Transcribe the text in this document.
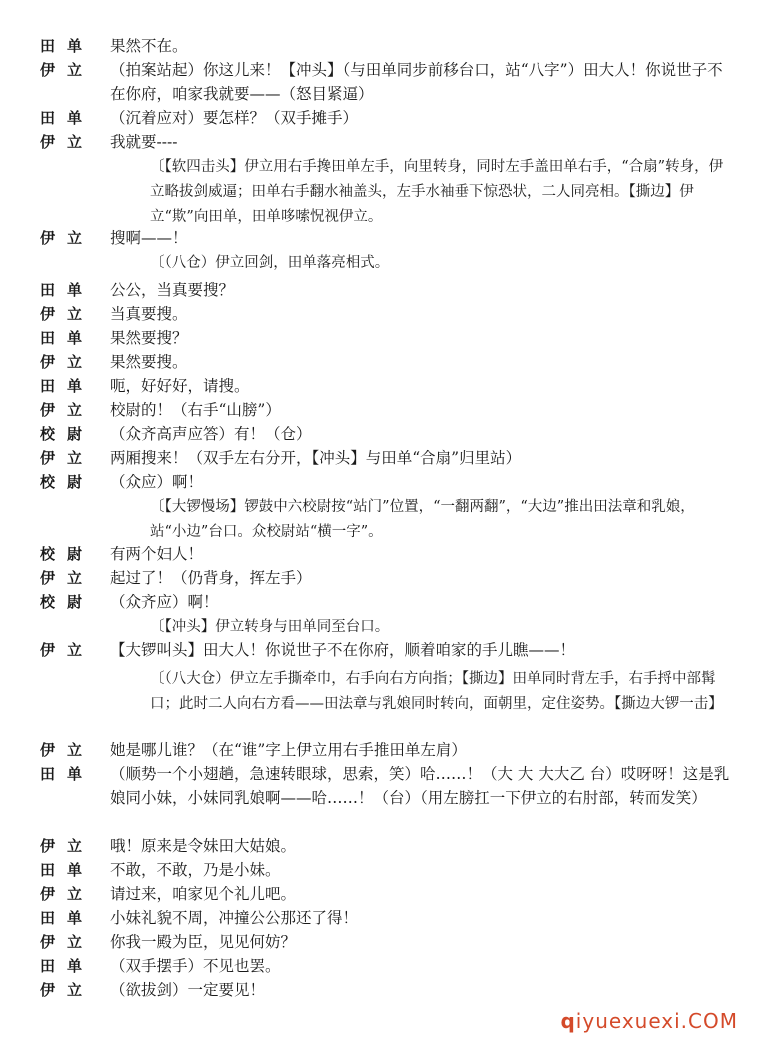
田单 果然不在。
伊立 （拍案站起）你这儿来！【冲头】（与田单同步前移台口，站“八字”）田大人！你说世子不在你府，咱家我就要——（怒目紧逼）
田单 （沉着应对）要怎样？（双手摊手）
伊立 我就要----
〔【软四击头】伊立用右手搀田单左手，向里转身，同时左手盖田单右手，“合扇”转身，伊立略拔剑威逼；田单右手翻水袖盖头，左手水袖垂下惊恐状，二人同亮相。【撕边】伊立“欺”向田单，田单哆嗦怳视伊立。
伊立 搜啊——！
〔（八仓）伊立回剑，田单落亮相式。
田单 公公，当真要搜？
伊立 当真要搜。
田单 果然要搜？
伊立 果然要搜。
田单 呃，好好好，请搜。
伊立 校尉的！（右手“山膀”）
校尉 （众齐高声应答）有！（仓）
伊立 两厢搜来！（双手左右分开，【冲头】与田单“合扇”归里站）
校尉 （众应）啊！
〔【大锣慢场】锣鼓中六校尉按“站门”位置，“一翻两翻”，“大边”推出田法章和乳娘，站“小边”台口。众校尉站“横一字”。
校尉 有两个妇人！
伊立 起过了！（仍背身，挥左手）
校尉 （众齐应）啊！
〔【冲头】伊立转身与田单同至台口。
伊立 【大锣叫头】田大人！你说世子不在你府，顺着咱家的手儿瞧——！
〔（八大仓）伊立左手撕牵巾，右手向右方向指；【撕边】田单同时背左手，右手捋中部髯口；此时二人向右方看——田法章与乳娘同时转向，面朝里，定住姿势。【撕边大锣一击】
伊立 她是哪儿谁？（在“谁”字上伊立用右手推田单左肩）
田单 （顺势一个小翅趟，急速转眼球，思索，笑）哈……！（大 大 大大乙 台）哎呀呀！这是乳娘同小妹，小妹同乳娘啊——哈……！（台）（用左膀扛一下伊立的右肘部，转而发笑）
伊立 哦！原来是令妹田大姑娘。
田单 不敢，不敢，乃是小妹。
伊立 请过来，咱家见个礼儿吧。
田单 小妹礼貌不周，冲撞公公那还了得！
伊立 你我一殿为臣，见见何妨？
田单 （双手摆手）不见也罢。
伊立 （欲拔剑）一定要见！
qiyuexuexi.COM
